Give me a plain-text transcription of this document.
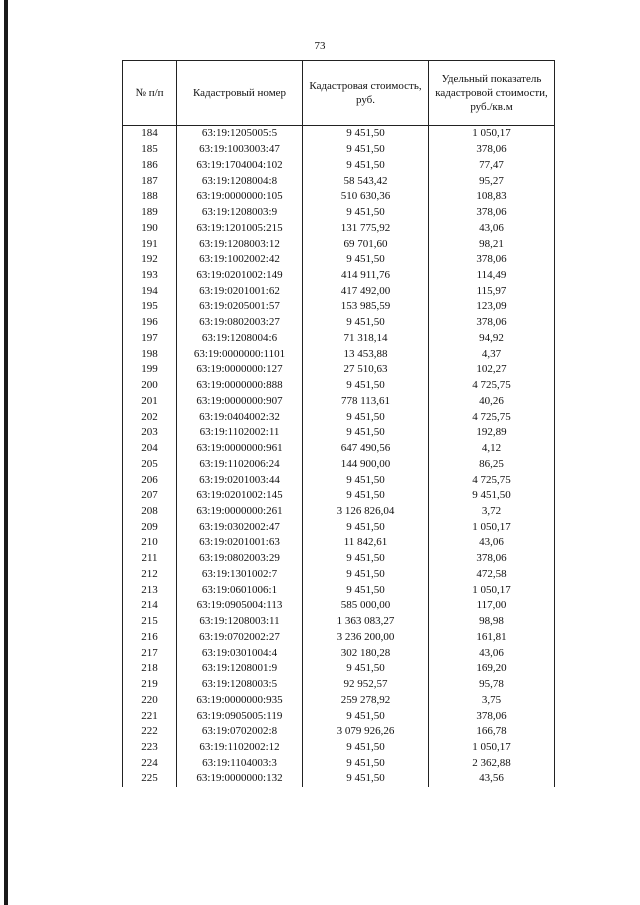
73
№ п/п	Кадастровый номер	Кадастровая стоимость, руб.	Удельный показатель кадастровой стоимости, руб./кв.м
184	63:19:1205005:5	9 451,50	1 050,17
185	63:19:1003003:47	9 451,50	378,06
186	63:19:1704004:102	9 451,50	77,47
187	63:19:1208004:8	58 543,42	95,27
188	63:19:0000000:105	510 630,36	108,83
189	63:19:1208003:9	9 451,50	378,06
190	63:19:1201005:215	131 775,92	43,06
191	63:19:1208003:12	69 701,60	98,21
192	63:19:1002002:42	9 451,50	378,06
193	63:19:0201002:149	414 911,76	114,49
194	63:19:0201001:62	417 492,00	115,97
195	63:19:0205001:57	153 985,59	123,09
196	63:19:0802003:27	9 451,50	378,06
197	63:19:1208004:6	71 318,14	94,92
198	63:19:0000000:1101	13 453,88	4,37
199	63:19:0000000:127	27 510,63	102,27
200	63:19:0000000:888	9 451,50	4 725,75
201	63:19:0000000:907	778 113,61	40,26
202	63:19:0404002:32	9 451,50	4 725,75
203	63:19:1102002:11	9 451,50	192,89
204	63:19:0000000:961	647 490,56	4,12
205	63:19:1102006:24	144 900,00	86,25
206	63:19:0201003:44	9 451,50	4 725,75
207	63:19:0201002:145	9 451,50	9 451,50
208	63:19:0000000:261	3 126 826,04	3,72
209	63:19:0302002:47	9 451,50	1 050,17
210	63:19:0201001:63	11 842,61	43,06
211	63:19:0802003:29	9 451,50	378,06
212	63:19:1301002:7	9 451,50	472,58
213	63:19:0601006:1	9 451,50	1 050,17
214	63:19:0905004:113	585 000,00	117,00
215	63:19:1208003:11	1 363 083,27	98,98
216	63:19:0702002:27	3 236 200,00	161,81
217	63:19:0301004:4	302 180,28	43,06
218	63:19:1208001:9	9 451,50	169,20
219	63:19:1208003:5	92 952,57	95,78
220	63:19:0000000:935	259 278,92	3,75
221	63:19:0905005:119	9 451,50	378,06
222	63:19:0702002:8	3 079 926,26	166,78
223	63:19:1102002:12	9 451,50	1 050,17
224	63:19:1104003:3	9 451,50	2 362,88
225	63:19:0000000:132	9 451,50	43,56
